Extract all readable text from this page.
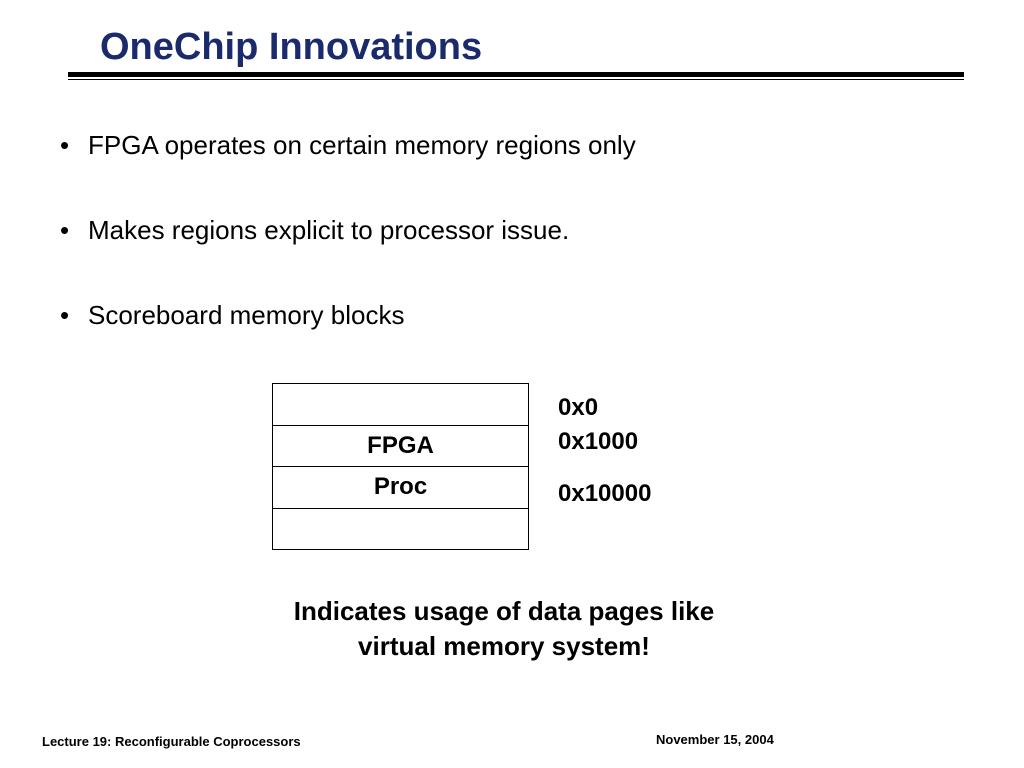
OneChip Innovations
• FPGA operates on certain memory regions only
• Makes regions explicit to processor issue.
• Scoreboard memory blocks

FPGA
Proc

0x0
0x1000
0x10000
Indicates usage of data pages like
virtual memory system!
Lecture 19: Reconfigurable Coprocessors	November 15, 2004
